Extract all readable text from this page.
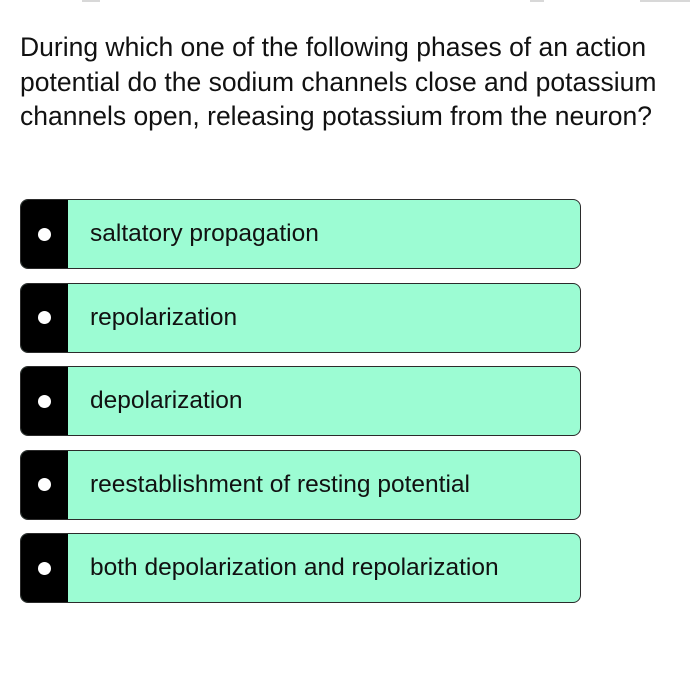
During which one of the following phases of an action potential do the sodium channels close and potassium channels open, releasing potassium from the neuron?

saltatory propagation
repolarization
depolarization
reestablishment of resting potential
both depolarization and repolarization
